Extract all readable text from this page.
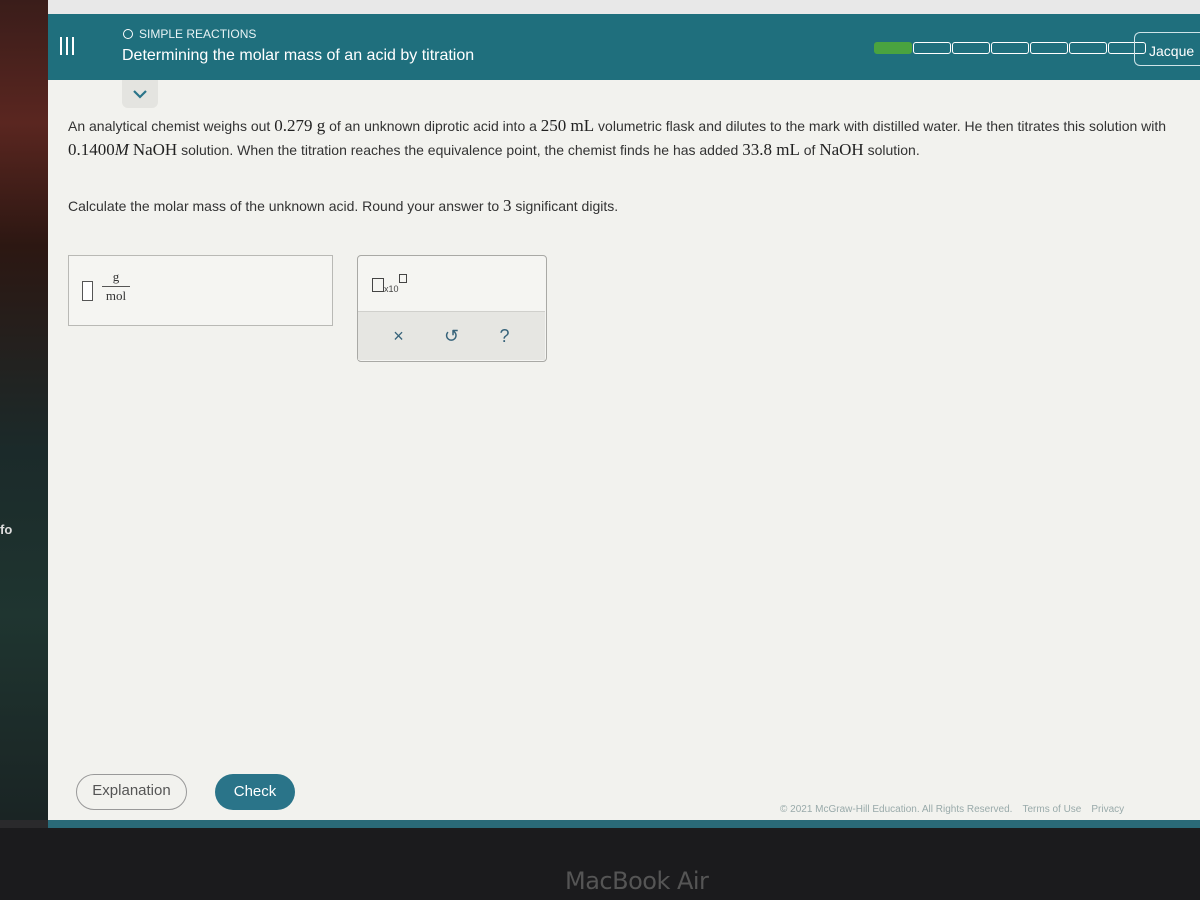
fo
SIMPLE REACTIONS
Determining the molar mass of an acid by titration	Jacque
An analytical chemist weighs out 0.279 g of an unknown diprotic acid into a 250 mL volumetric flask and dilutes to the mark with distilled water. He then titrates this solution with 0.1400M NaOH solution. When the titration reaches the equivalence point, the chemist finds he has added 33.8 mL of NaOH solution.
Calculate the molar mass of the unknown acid. Round your answer to 3 significant digits.
g
mol	x10
×	↺	?
Explanation	Check
© 2021 McGraw-Hill Education. All Rights Reserved. Terms of Use Privacy
MacBook Air
